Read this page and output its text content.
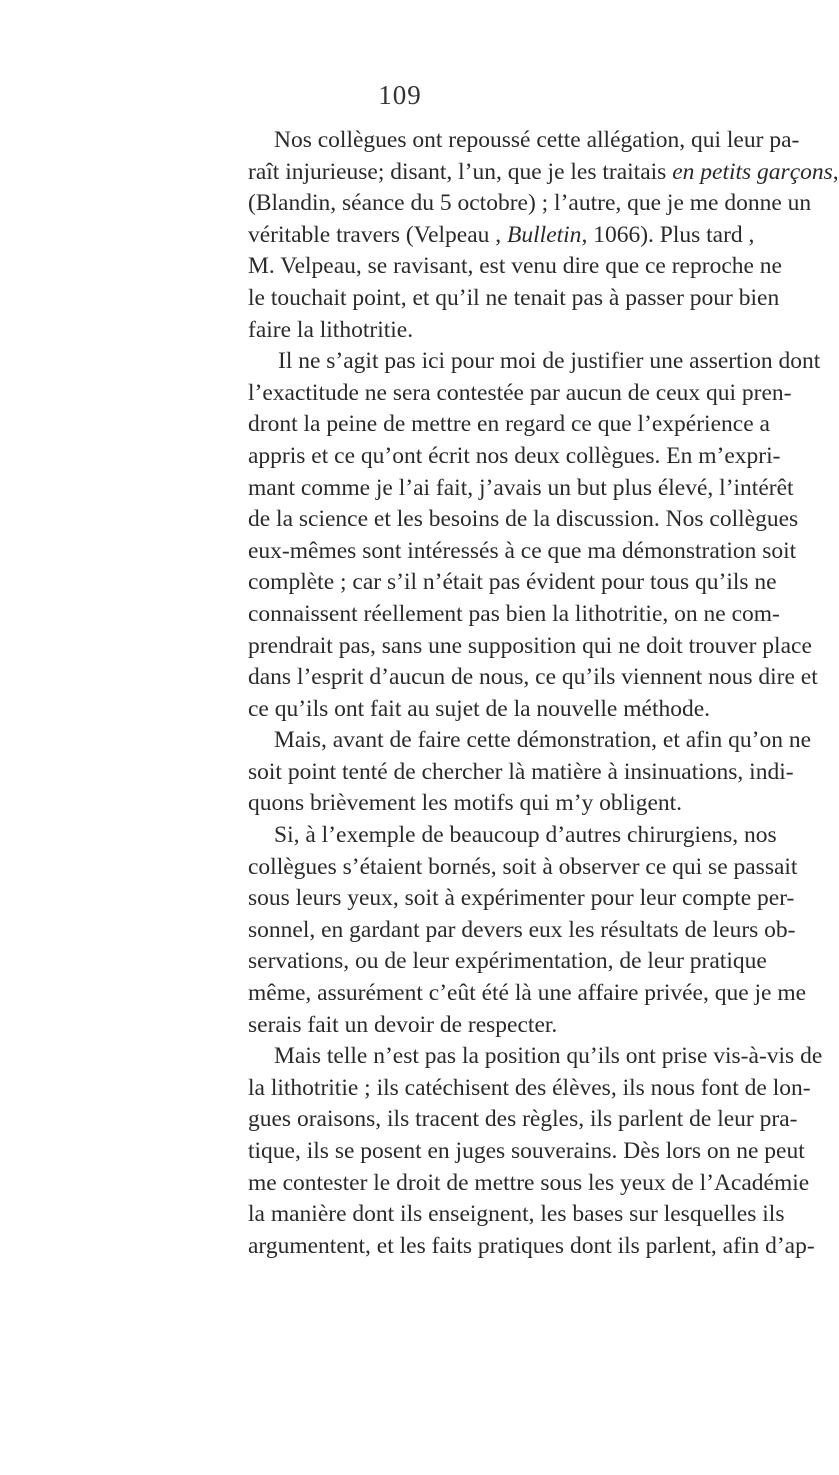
109
Nos collègues ont repoussé cette allégation, qui leur pa-
raît injurieuse; disant, l’un, que je les traitais en petits garçons,
(Blandin, séance du 5 octobre) ; l’autre, que je me donne un
véritable travers (Velpeau , Bulletin, 1066). Plus tard ,
M. Velpeau, se ravisant, est venu dire que ce reproche ne
le touchait point, et qu’il ne tenait pas à passer pour bien
faire la lithotritie.
Il ne s’agit pas ici pour moi de justifier une assertion dont
l’exactitude ne sera contestée par aucun de ceux qui pren-
dront la peine de mettre en regard ce que l’expérience a
appris et ce qu’ont écrit nos deux collègues. En m’expri-
mant comme je l’ai fait, j’avais un but plus élevé, l’intérêt
de la science et les besoins de la discussion. Nos collègues
eux-mêmes sont intéressés à ce que ma démonstration soit
complète ; car s’il n’était pas évident pour tous qu’ils ne
connaissent réellement pas bien la lithotritie, on ne com-
prendrait pas, sans une supposition qui ne doit trouver place
dans l’esprit d’aucun de nous, ce qu’ils viennent nous dire et
ce qu’ils ont fait au sujet de la nouvelle méthode.
Mais, avant de faire cette démonstration, et afin qu’on ne
soit point tenté de chercher là matière à insinuations, indi-
quons brièvement les motifs qui m’y obligent.
Si, à l’exemple de beaucoup d’autres chirurgiens, nos
collègues s’étaient bornés, soit à observer ce qui se passait
sous leurs yeux, soit à expérimenter pour leur compte per-
sonnel, en gardant par devers eux les résultats de leurs ob-
servations, ou de leur expérimentation, de leur pratique
même, assurément c’eût été là une affaire privée, que je me
serais fait un devoir de respecter.
Mais telle n’est pas la position qu’ils ont prise vis-à-vis de
la lithotritie ; ils catéchisent des élèves, ils nous font de lon-
gues oraisons, ils tracent des règles, ils parlent de leur pra-
tique, ils se posent en juges souverains. Dès lors on ne peut
me contester le droit de mettre sous les yeux de l’Académie
la manière dont ils enseignent, les bases sur lesquelles ils
argumentent, et les faits pratiques dont ils parlent, afin d’ap-
